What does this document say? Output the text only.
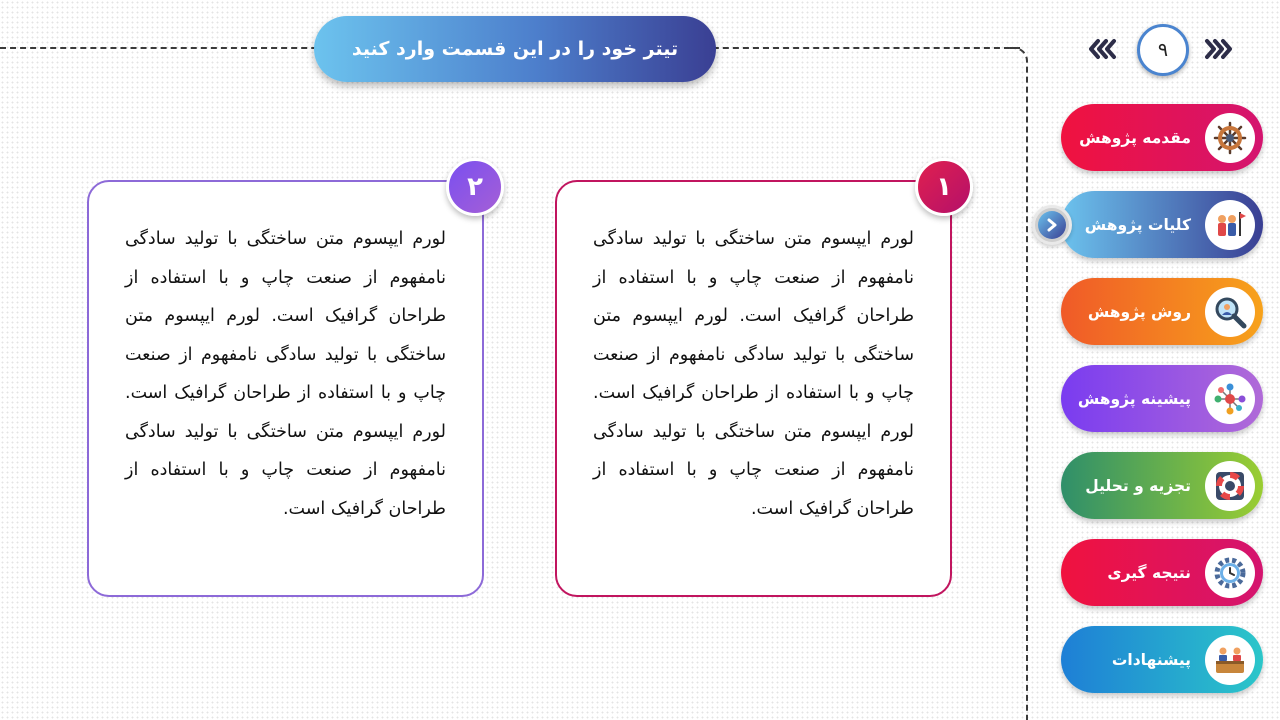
تیتر خود را در این قسمت وارد کنید
لورم ایپسوم متن ساختگی با تولید سادگی نامفهوم از صنعت چاپ و با استفاده از طراحان گرافیک است. لورم ایپسوم متن ساختگی با تولید سادگی نامفهوم از صنعت چاپ و با استفاده از طراحان گرافیک است. لورم ایپسوم متن ساختگی با تولید سادگی نامفهوم از صنعت چاپ و با استفاده از طراحان گرافیک است.
۱
لورم ایپسوم متن ساختگی با تولید سادگی نامفهوم از صنعت چاپ و با استفاده از طراحان گرافیک است. لورم ایپسوم متن ساختگی با تولید سادگی نامفهوم از صنعت چاپ و با استفاده از طراحان گرافیک است. لورم ایپسوم متن ساختگی با تولید سادگی نامفهوم از صنعت چاپ و با استفاده از طراحان گرافیک است.
۲
۹
مقدمه پژوهش
کلیات پژوهش
روش پژوهش
پیشینه پژوهش
تجزیه و تحلیل
نتیجه گیری
پیشنهادات
